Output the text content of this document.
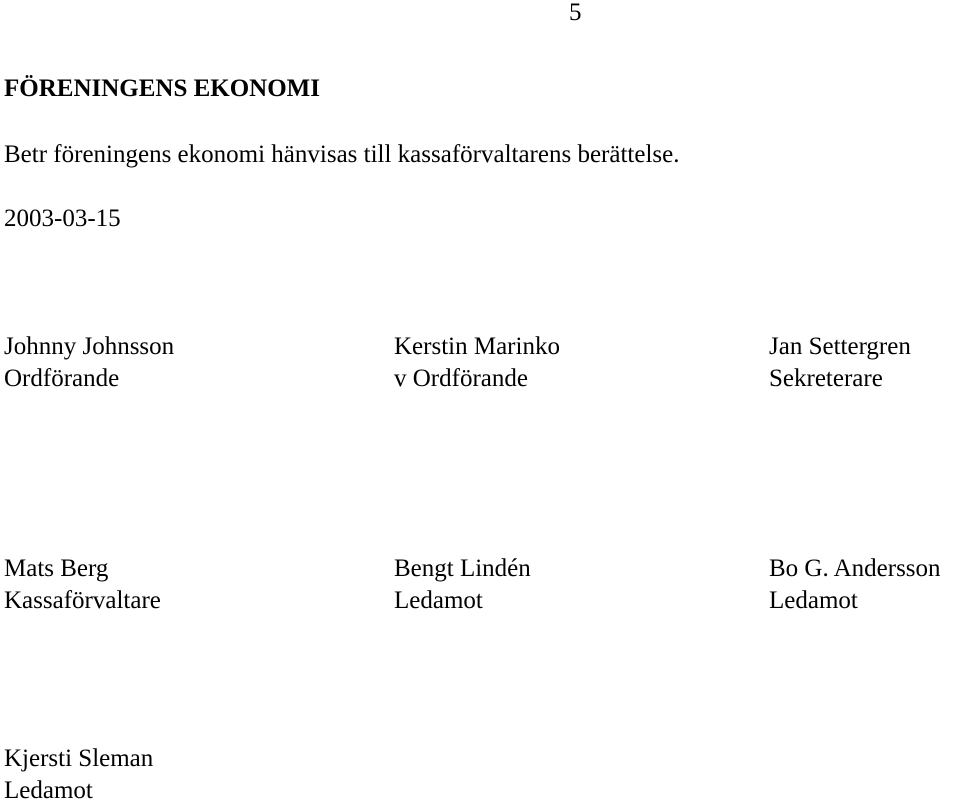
5
FÖRENINGENS EKONOMI
Betr föreningens ekonomi hänvisas till kassaförvaltarens berättelse.
2003-03-15
Johnny Johnsson
Ordförande
Kerstin Marinko
v Ordförande
Jan Settergren
Sekreterare
Mats Berg
Kassaförvaltare
Bengt Lindén
Ledamot
Bo G. Andersson
Ledamot
Kjersti Sleman
Ledamot
